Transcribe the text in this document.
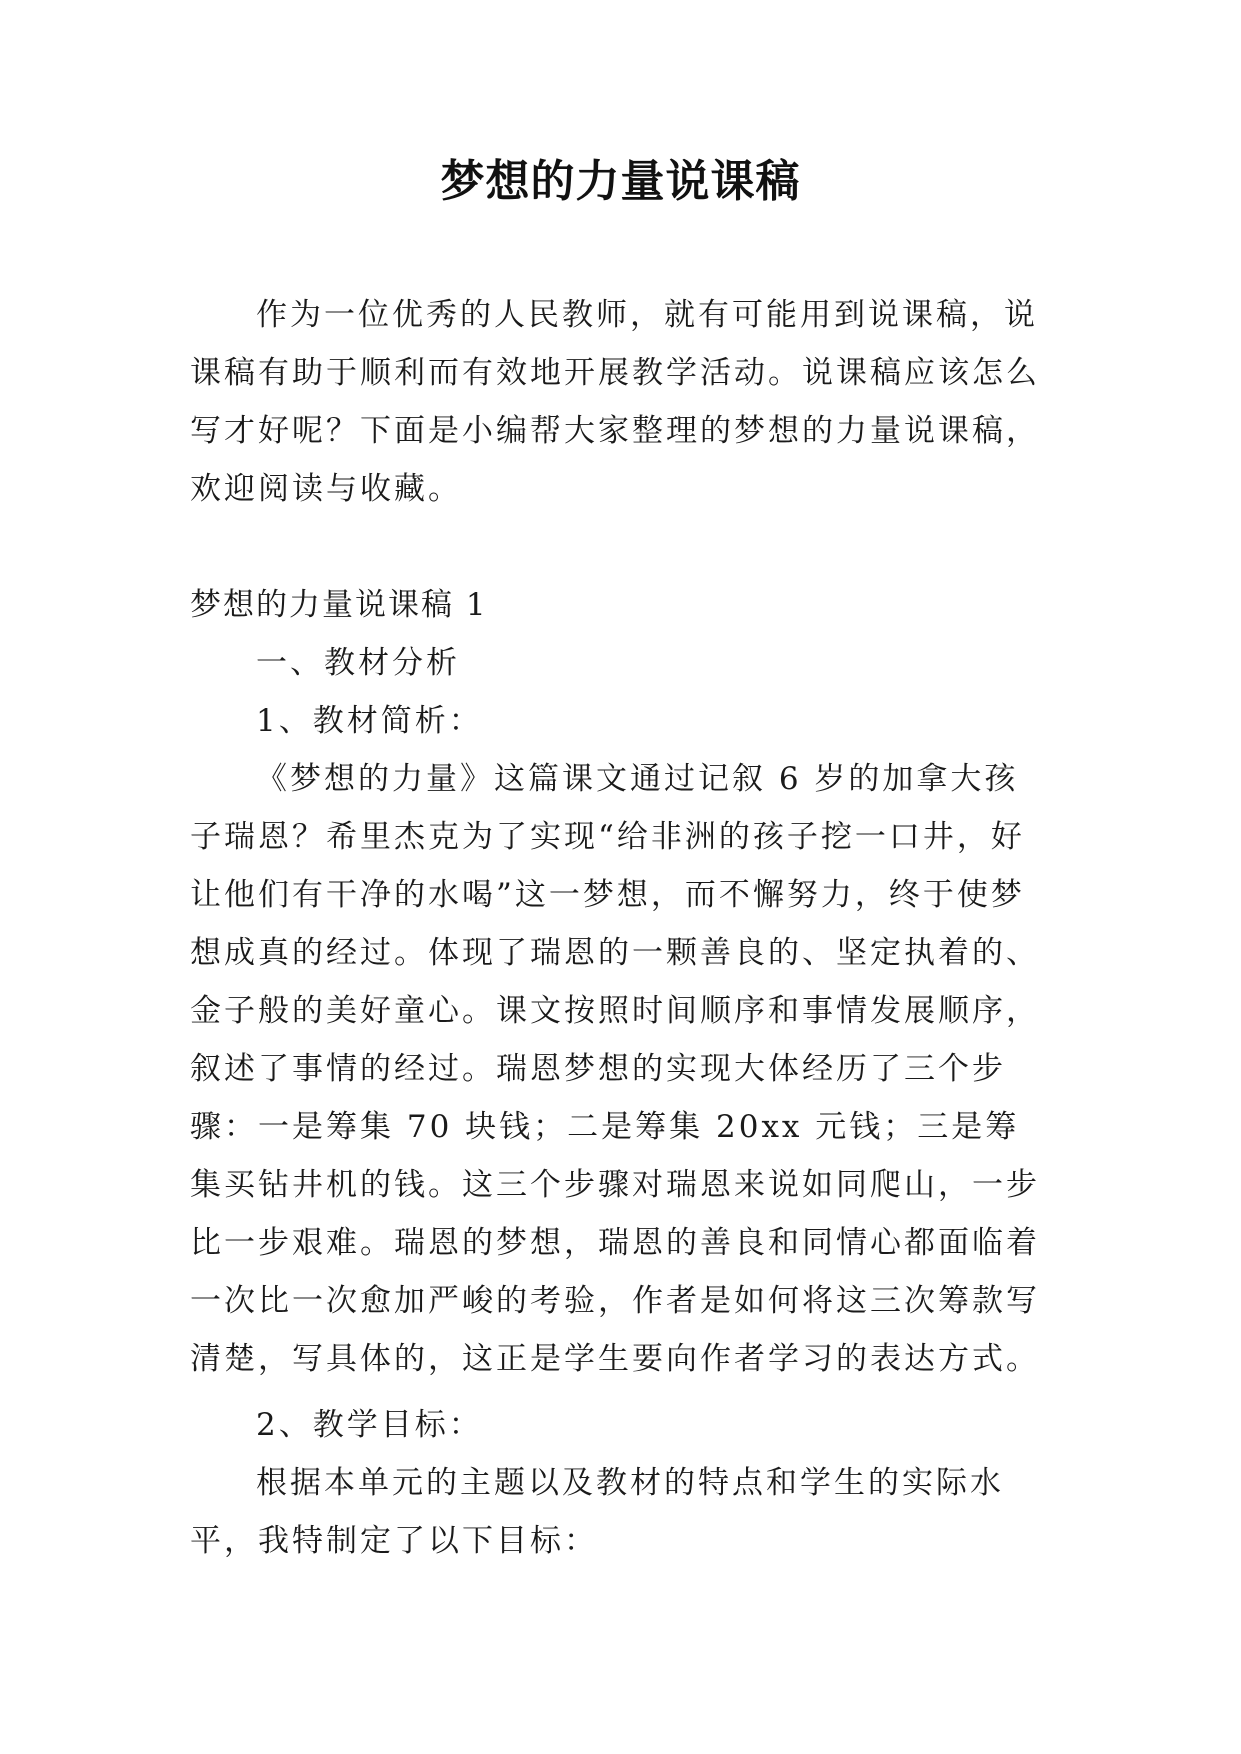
梦想的力量说课稿

作为一位优秀的人民教师，就有可能用到说课稿，说课稿有助于顺利而有效地开展教学活动。说课稿应该怎么写才好呢？下面是小编帮大家整理的梦想的力量说课稿，欢迎阅读与收藏。

梦想的力量说课稿 1

一、教材分析

1、教材简析：

《梦想的力量》这篇课文通过记叙 6 岁的加拿大孩子瑞恩？希里杰克为了实现“给非洲的孩子挖一口井，好让他们有干净的水喝”这一梦想，而不懈努力，终于使梦想成真的经过。体现了瑞恩的一颗善良的、坚定执着的、金子般的美好童心。课文按照时间顺序和事情发展顺序，叙述了事情的经过。瑞恩梦想的实现大体经历了三个步骤：一是筹集 70 块钱；二是筹集 20xx 元钱；三是筹集买钻井机的钱。这三个步骤对瑞恩来说如同爬山，一步比一步艰难。瑞恩的梦想，瑞恩的善良和同情心都面临着一次比一次愈加严峻的考验，作者是如何将这三次筹款写清楚，写具体的，这正是学生要向作者学习的表达方式。

2、教学目标：

根据本单元的主题以及教材的特点和学生的实际水平，我特制定了以下目标：
